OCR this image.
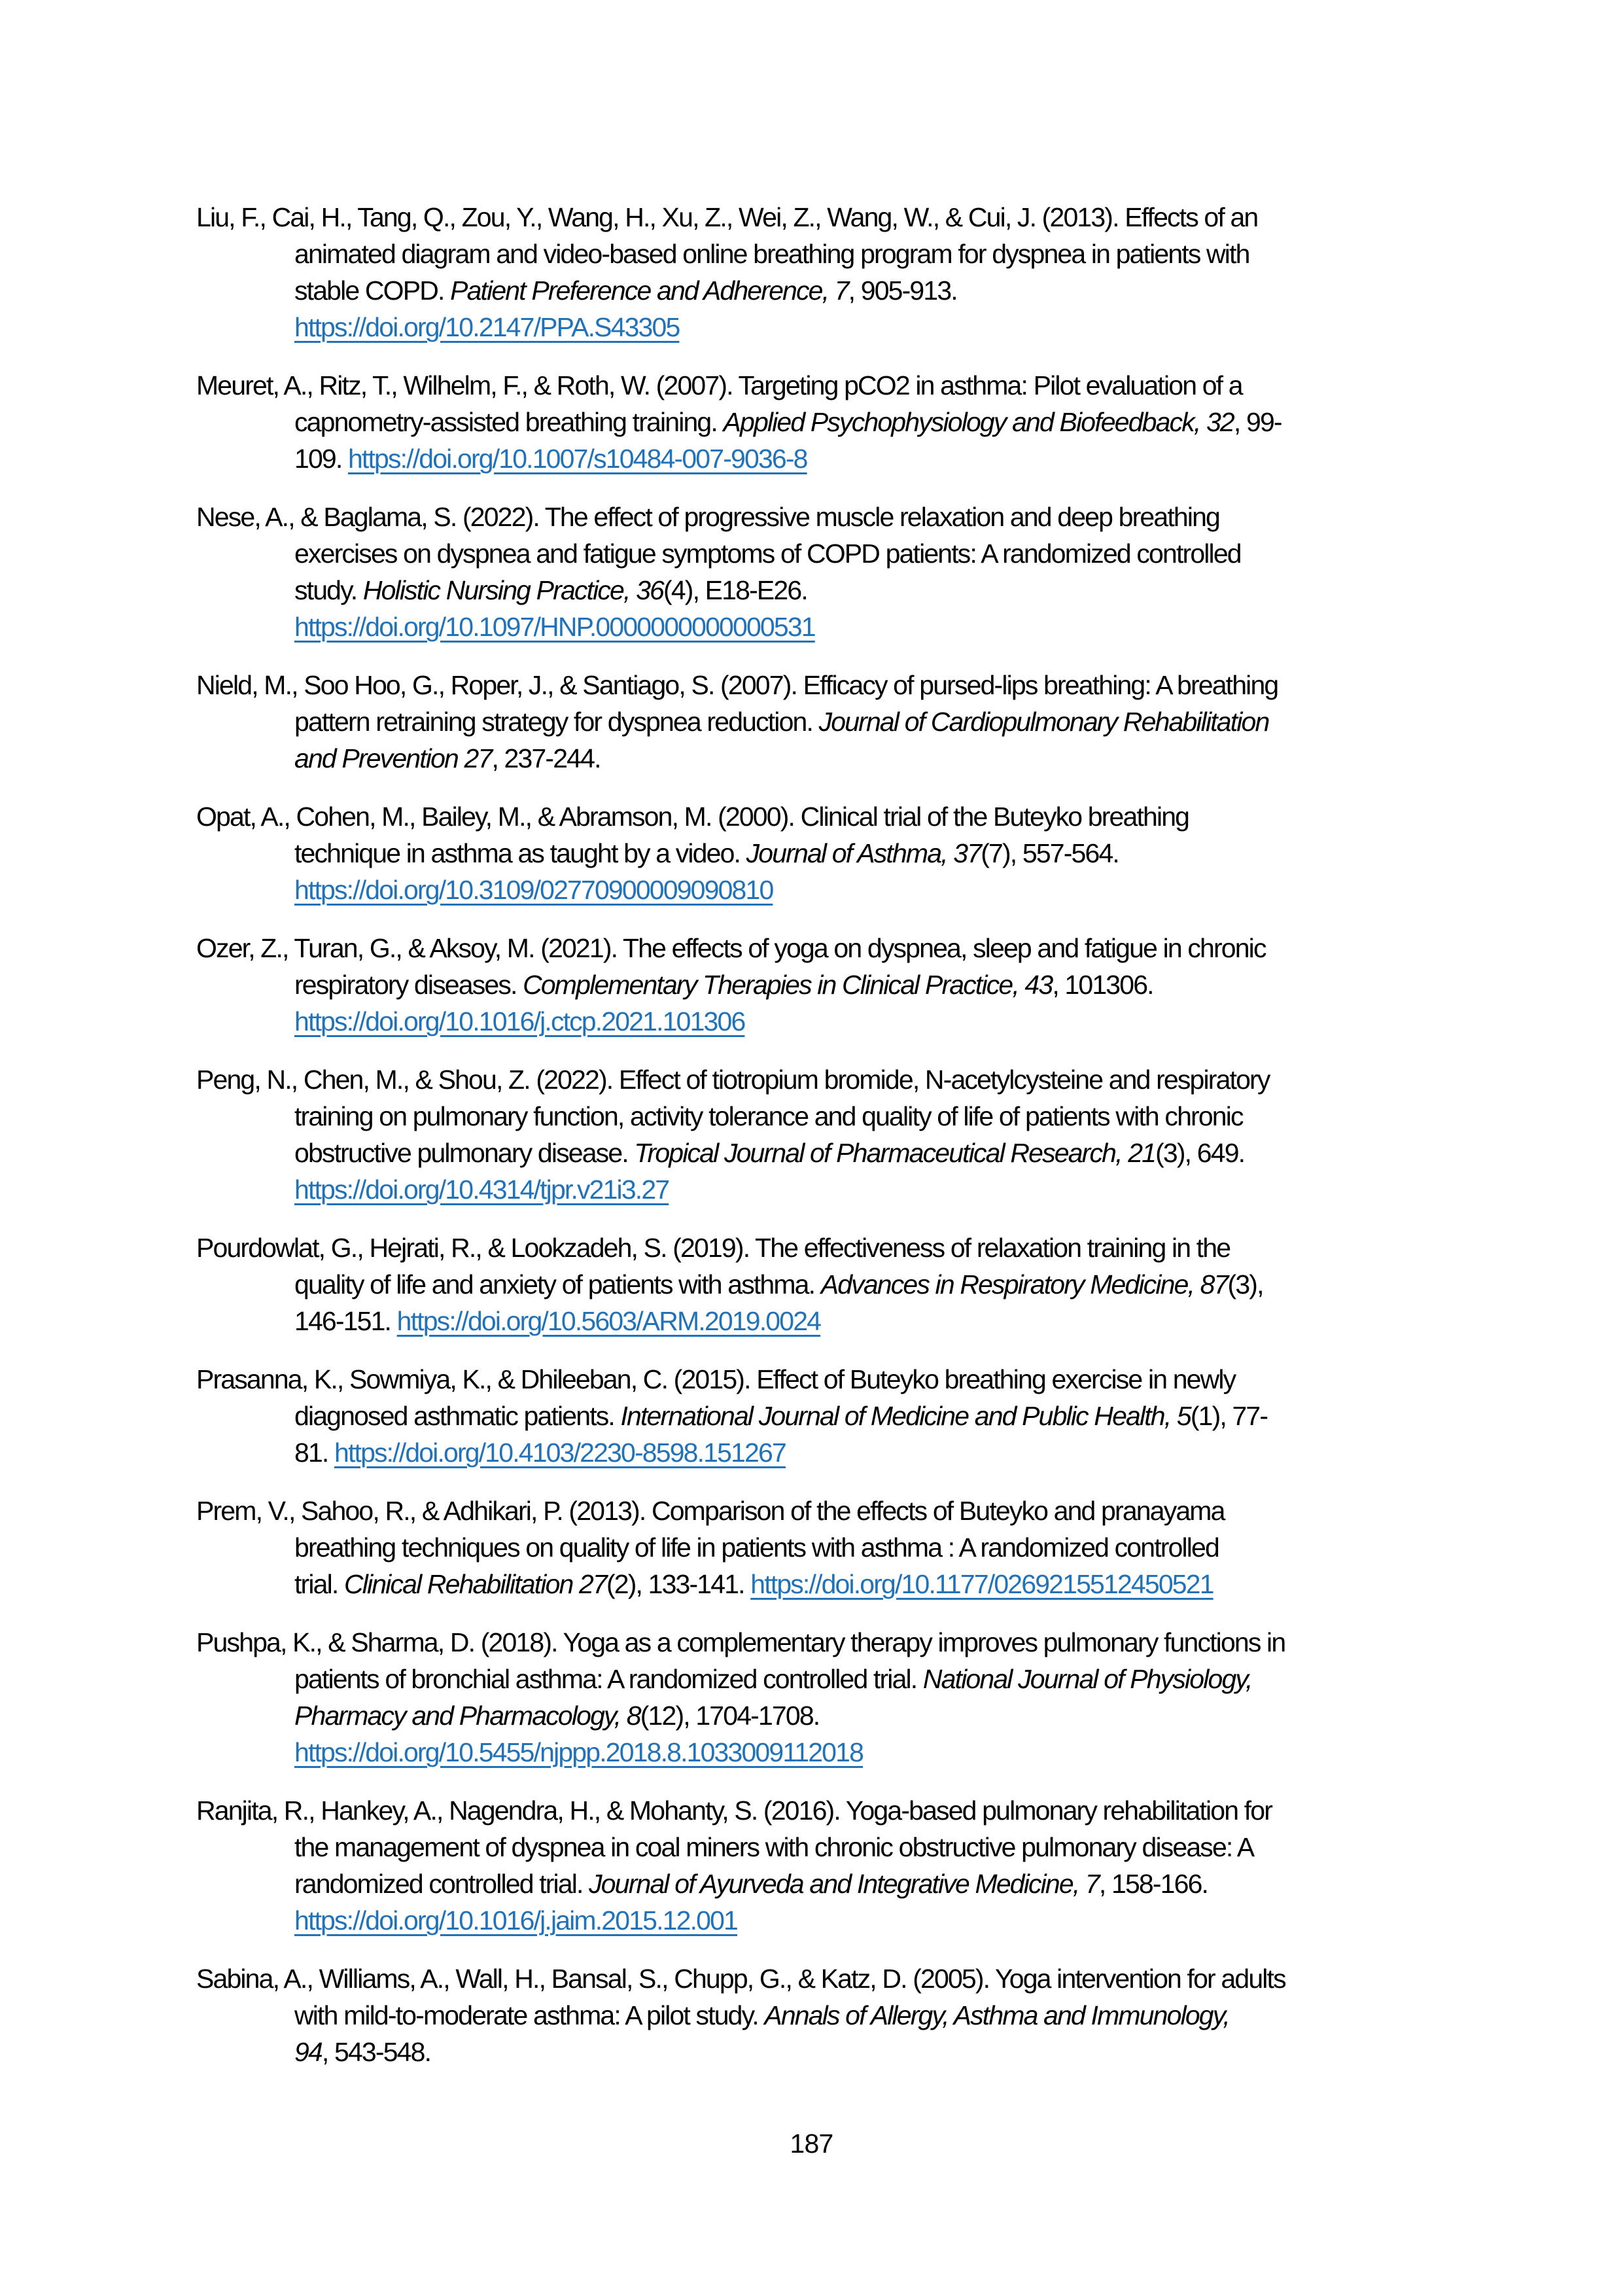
Liu, F., Cai, H., Tang, Q., Zou, Y., Wang, H., Xu, Z., Wei, Z., Wang, W., & Cui, J. (2013). Effects of an
animated diagram and video-based online breathing program for dyspnea in patients with
stable COPD. Patient Preference and Adherence, 7, 905-913.
https://doi.org/10.2147/PPA.S43305
Meuret, A., Ritz, T., Wilhelm, F., & Roth, W. (2007). Targeting pCO2 in asthma: Pilot evaluation of a
capnometry-assisted breathing training. Applied Psychophysiology and Biofeedback, 32, 99-
109. https://doi.org/10.1007/s10484-007-9036-8
Nese, A., & Baglama, S. (2022). The effect of progressive muscle relaxation and deep breathing
exercises on dyspnea and fatigue symptoms of COPD patients: A randomized controlled
study. Holistic Nursing Practice, 36(4), E18-E26.
https://doi.org/10.1097/HNP.0000000000000531
Nield, M., Soo Hoo, G., Roper, J., & Santiago, S. (2007). Efficacy of pursed-lips breathing: A breathing
pattern retraining strategy for dyspnea reduction. Journal of Cardiopulmonary Rehabilitation
and Prevention 27, 237-244.
Opat, A., Cohen, M., Bailey, M., & Abramson, M. (2000). Clinical trial of the Buteyko breathing
technique in asthma as taught by a video. Journal of Asthma, 37(7), 557-564.
https://doi.org/10.3109/02770900009090810
Ozer, Z., Turan, G., & Aksoy, M. (2021). The effects of yoga on dyspnea, sleep and fatigue in chronic
respiratory diseases. Complementary Therapies in Clinical Practice, 43, 101306.
https://doi.org/10.1016/j.ctcp.2021.101306
Peng, N., Chen, M., & Shou, Z. (2022). Effect of tiotropium bromide, N-acetylcysteine and respiratory
training on pulmonary function, activity tolerance and quality of life of patients with chronic
obstructive pulmonary disease. Tropical Journal of Pharmaceutical Research, 21(3), 649.
https://doi.org/10.4314/tjpr.v21i3.27
Pourdowlat, G., Hejrati, R., & Lookzadeh, S. (2019). The effectiveness of relaxation training in the
quality of life and anxiety of patients with asthma. Advances in Respiratory Medicine, 87(3),
146-151. https://doi.org/10.5603/ARM.2019.0024
Prasanna, K., Sowmiya, K., & Dhileeban, C. (2015). Effect of Buteyko breathing exercise in newly
diagnosed asthmatic patients. International Journal of Medicine and Public Health, 5(1), 77-
81. https://doi.org/10.4103/2230-8598.151267
Prem, V., Sahoo, R., & Adhikari, P. (2013). Comparison of the effects of Buteyko and pranayama
breathing techniques on quality of life in patients with asthma : A randomized controlled
trial. Clinical Rehabilitation 27(2), 133-141. https://doi.org/10.1177/0269215512450521
Pushpa, K., & Sharma, D. (2018). Yoga as a complementary therapy improves pulmonary functions in
patients of bronchial asthma: A randomized controlled trial. National Journal of Physiology,
Pharmacy and Pharmacology, 8(12), 1704-1708.
https://doi.org/10.5455/njppp.2018.8.1033009112018
Ranjita, R., Hankey, A., Nagendra, H., & Mohanty, S. (2016). Yoga-based pulmonary rehabilitation for
the management of dyspnea in coal miners with chronic obstructive pulmonary disease: A
randomized controlled trial. Journal of Ayurveda and Integrative Medicine, 7, 158-166.
https://doi.org/10.1016/j.jaim.2015.12.001
Sabina, A., Williams, A., Wall, H., Bansal, S., Chupp, G., & Katz, D. (2005). Yoga intervention for adults
with mild-to-moderate asthma: A pilot study. Annals of Allergy, Asthma and Immunology,
94, 543-548.
187
